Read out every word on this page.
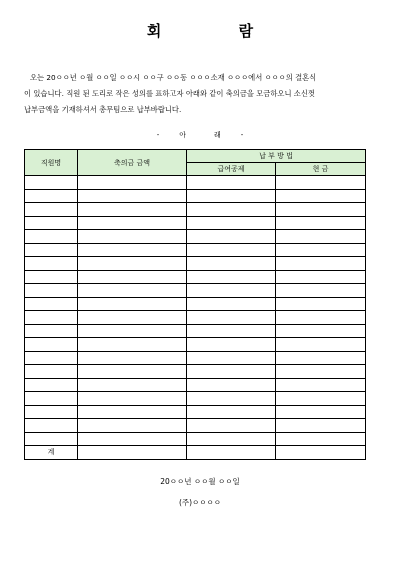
회 람
오는 20ㅇㅇ년 ㅇ월 ㅇㅇ일 ㅇㅇ시 ㅇㅇ구 ㅇㅇ동 ㅇㅇㅇ소재 ㅇㅇㅇ에서 ㅇㅇㅇ의 결혼식
이 있습니다. 직원 된 도리로 작은 성의를 표하고자 아래와 같이 축의금을 모금하오니 소신껏
납부금액을 기재하셔서 총무팀으로 납부바랍니다.
-	아	래	-
직원명	축의금 금액	납 부 방 법	
		급여공제	현 금

계			
20ㅇㅇ년 ㅇㅇ월 ㅇㅇ일
(주)ㅇㅇㅇㅇ
